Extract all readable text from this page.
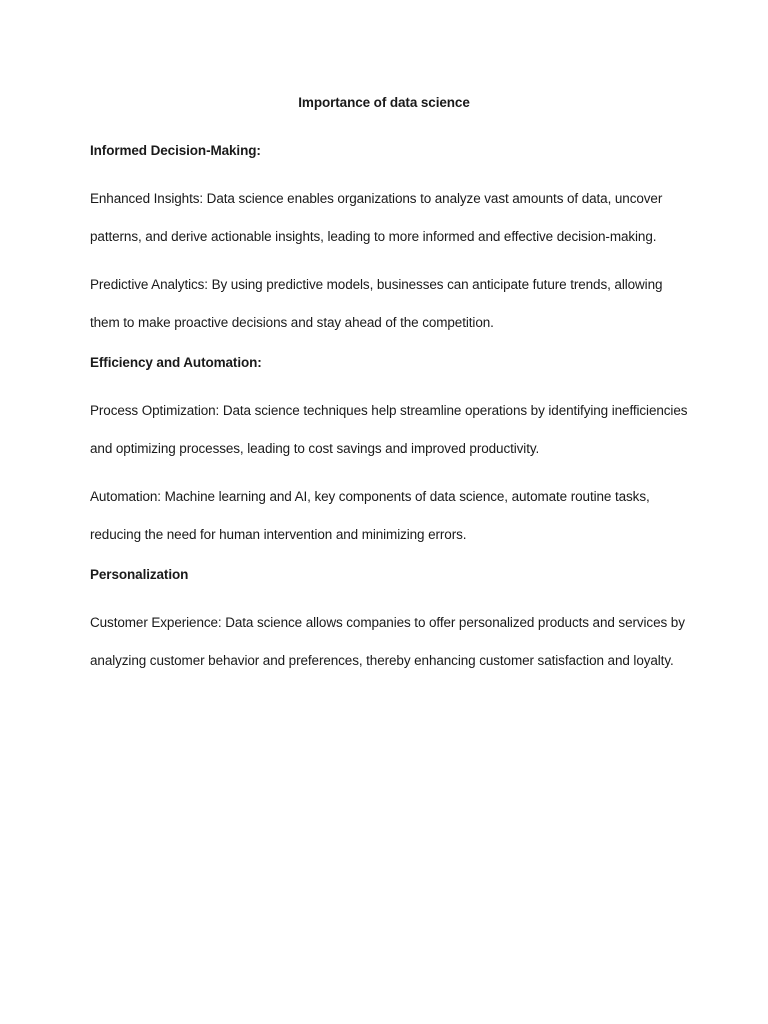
Importance of data science

Informed Decision-Making:

Enhanced Insights: Data science enables organizations to analyze vast amounts of data, uncover patterns, and derive actionable insights, leading to more informed and effective decision-making.

Predictive Analytics: By using predictive models, businesses can anticipate future trends, allowing them to make proactive decisions and stay ahead of the competition.

Efficiency and Automation:

Process Optimization: Data science techniques help streamline operations by identifying inefficiencies and optimizing processes, leading to cost savings and improved productivity.

Automation: Machine learning and AI, key components of data science, automate routine tasks, reducing the need for human intervention and minimizing errors.

Personalization

Customer Experience: Data science allows companies to offer personalized products and services by analyzing customer behavior and preferences, thereby enhancing customer satisfaction and loyalty.
